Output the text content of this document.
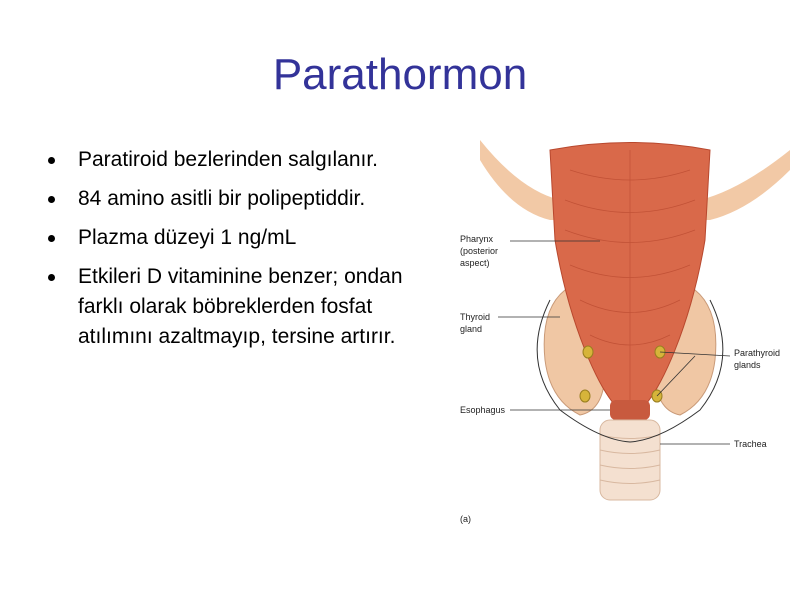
Parathormon
Paratiroid bezlerinden salgılanır.
84 amino asitli bir polipeptiddir.
Plazma düzeyi 1 ng/mL
Etkileri D vitaminine benzer; ondan farklı olarak böbreklerden fosfat atılımını azaltmayıp, tersine artırır.
Pharynx
(posterior
aspect)
Thyroid
gland
Esophagus
Parathyroid
glands
Trachea
(a)
